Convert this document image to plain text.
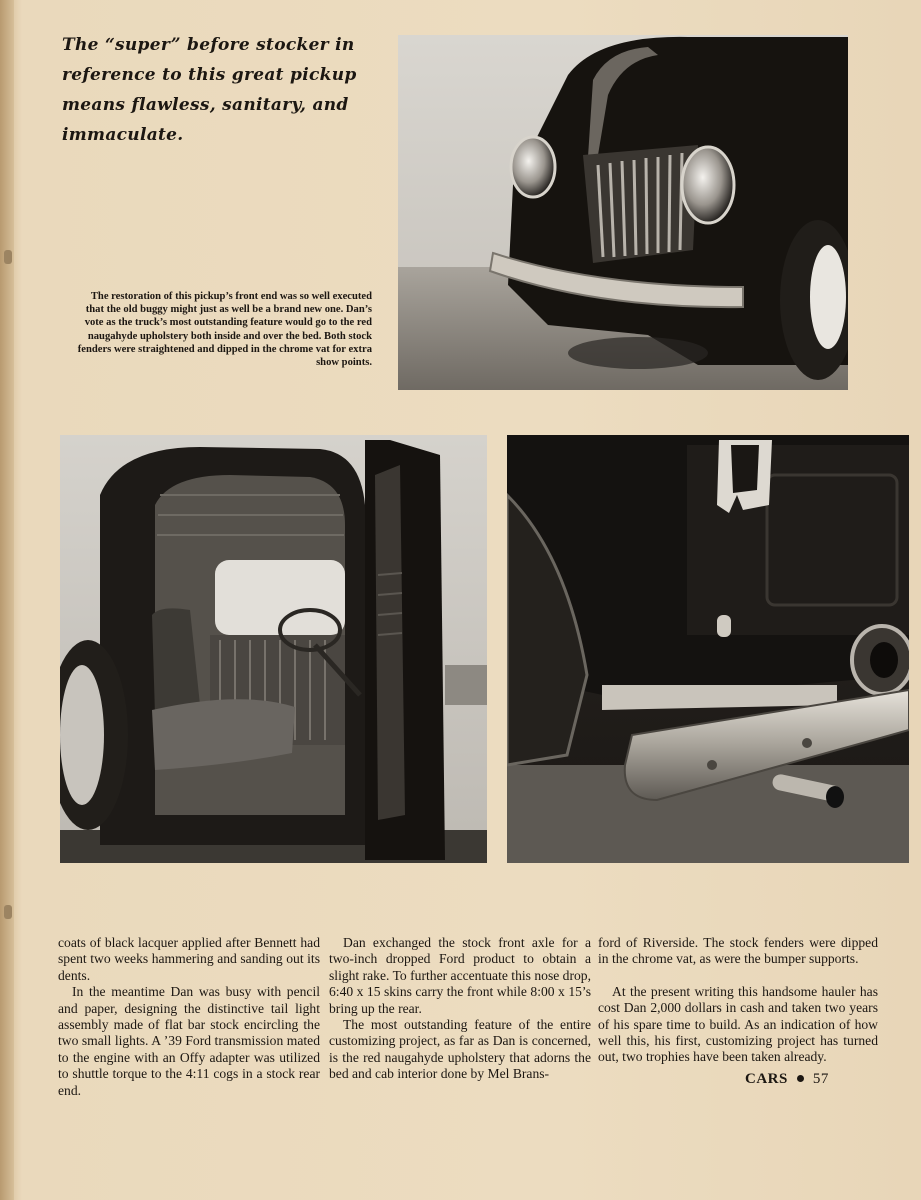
The “super” before stocker in reference to this great pickup means flawless, sanitary, and immaculate.
The restoration of this pickup’s front end was so well executed that the old buggy might just as well be a brand new one. Dan’s vote as the truck’s most outstanding feature would go to the red naugahyde upholstery both inside and over the bed. Both stock fenders were straightened and dipped in the chrome vat for extra show points.

coats of black lacquer applied after Bennett had spent two weeks hammering and sanding out its dents.

In the meantime Dan was busy with pencil and paper, designing the distinctive tail light assembly made of flat bar stock encircling the two small lights. A ’39 Ford transmission mated to the engine with an Offy adapter was utilized to shuttle torque to the 4:11 cogs in a stock rear end.

Dan exchanged the stock front axle for a two-inch dropped Ford product to obtain a slight rake. To further accentuate this nose drop, 6:40 x 15 skins carry the front while 8:00 x 15’s bring up the rear.

The most outstanding feature of the entire customizing project, as far as Dan is concerned, is the red naugahyde upholstery that adorns the bed and cab interior done by Mel Brans-

ford of Riverside. The stock fenders were dipped in the chrome vat, as were the bumper supports.

At the present writing this handsome hauler has cost Dan 2,000 dollars in cash and taken two years of his spare time to build. As an indication of how well this, his first, customizing project has turned out, two trophies have been taken already.

CARS 57
